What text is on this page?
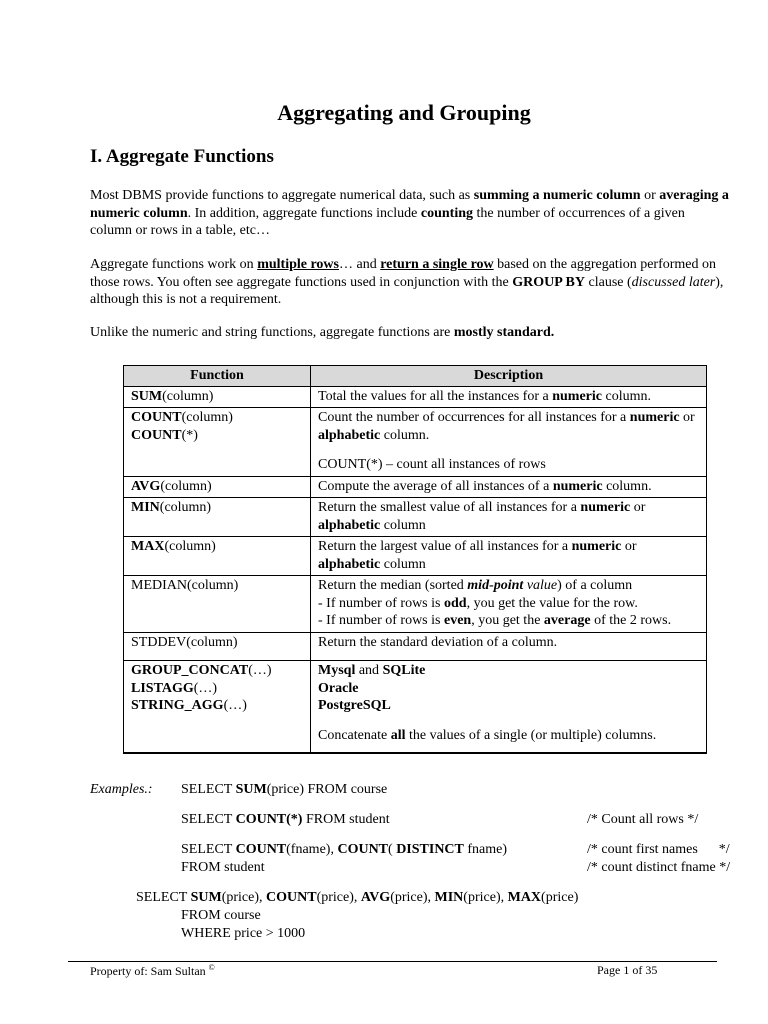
Aggregating and Grouping
I. Aggregate Functions
Most DBMS provide functions to aggregate numerical data, such as summing a numeric column or averaging a numeric column. In addition, aggregate functions include counting the number of occurrences of a given column or rows in a table, etc…
Aggregate functions work on multiple rows… and return a single row based on the aggregation performed on those rows. You often see aggregate functions used in conjunction with the GROUP BY clause (discussed later), although this is not a requirement.
Unlike the numeric and string functions, aggregate functions are mostly standard.
Function	Description
SUM(column)	Total the values for all the instances for a numeric column.
COUNT(column)
COUNT(*)	Count the number of occurrences for all instances for a numeric or alphabetic column.
COUNT(*) – count all instances of rows
AVG(column)	Compute the average of all instances of a numeric column.
MIN(column)	Return the smallest value of all instances for a numeric or
alphabetic column
MAX(column)	Return the largest value of all instances for a numeric or
alphabetic column
MEDIAN(column)	Return the median (sorted mid-point value) of a column
- If number of rows is odd, you get the value for the row.
- If number of rows is even, you get the average of the 2 rows.
STDDEV(column)	Return the standard deviation of a column.
GROUP_CONCAT(…)
LISTAGG(…)
STRING_AGG(…)	Mysql and SQLite
Oracle
PostgreSQL
Concatenate all the values of a single (or multiple) columns.
Examples.: SELECT SUM(price) FROM course
SELECT COUNT(*) FROM student	/* Count all rows */
SELECT COUNT(fname), COUNT( DISTINCT fname)
FROM student
/* count first names      */
/* count distinct fname */
SELECT SUM(price), COUNT(price), AVG(price), MIN(price), MAX(price)
FROM course
WHERE price > 1000
Property of: Sam Sultan ©	Page 1 of 35
